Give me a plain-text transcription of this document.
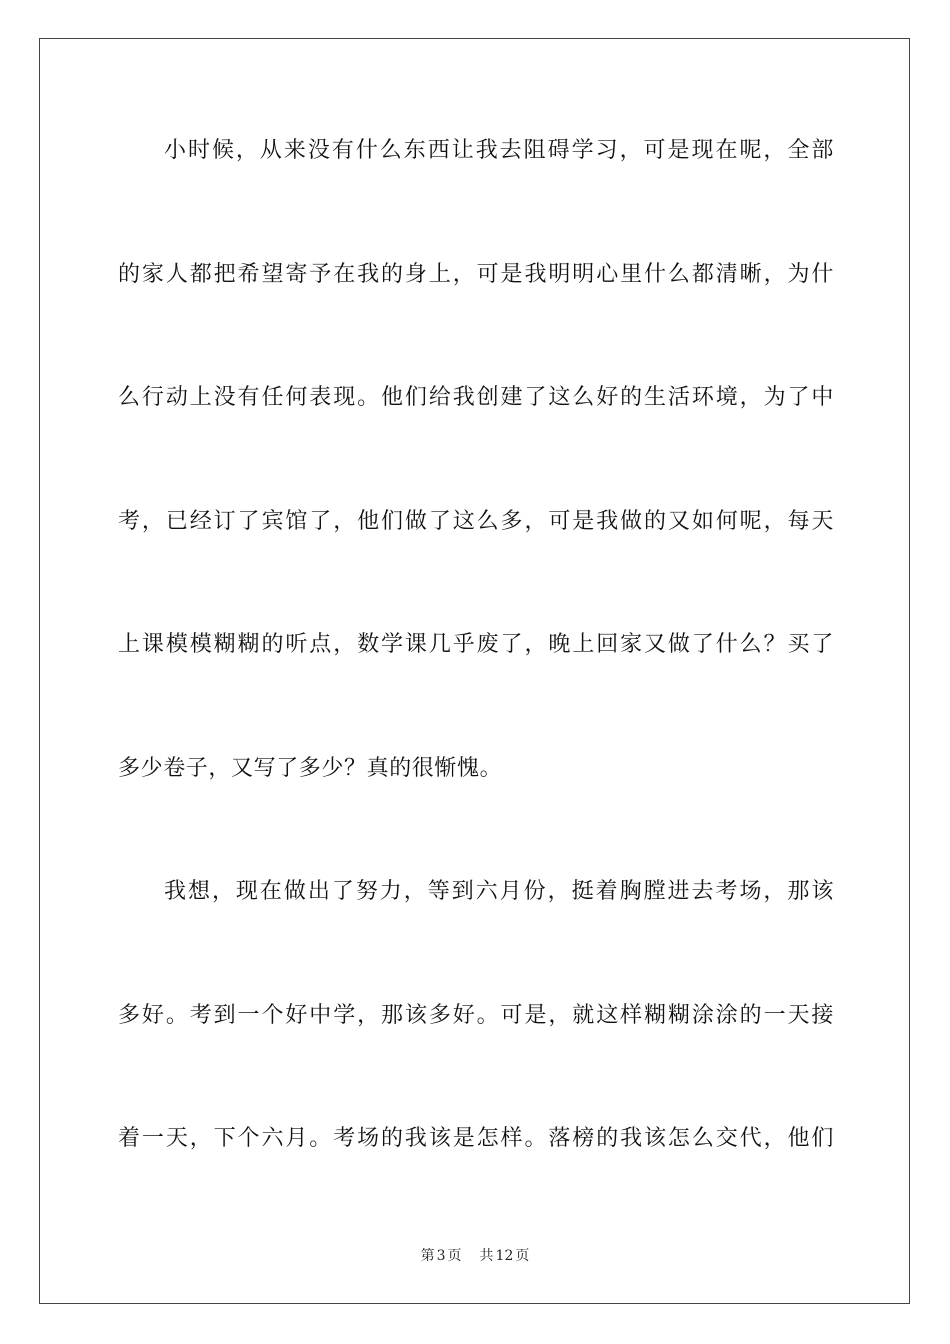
小时候，从来没有什么东西让我去阻碍学习，可是现在呢，全部
的家人都把希望寄予在我的身上，可是我明明心里什么都清晰，为什
么行动上没有任何表现。他们给我创建了这么好的生活环境，为了中
考，已经订了宾馆了，他们做了这么多，可是我做的又如何呢，每天
上课模模糊糊的听点，数学课几乎废了，晚上回家又做了什么？买了
多少卷子，又写了多少？真的很惭愧。
我想，现在做出了努力，等到六月份，挺着胸膛进去考场，那该
多好。考到一个好中学，那该多好。可是，就这样糊糊涂涂的一天接
着一天，下个六月。考场的我该是怎样。落榜的我该怎么交代，他们
第 3 页 共 12 页
